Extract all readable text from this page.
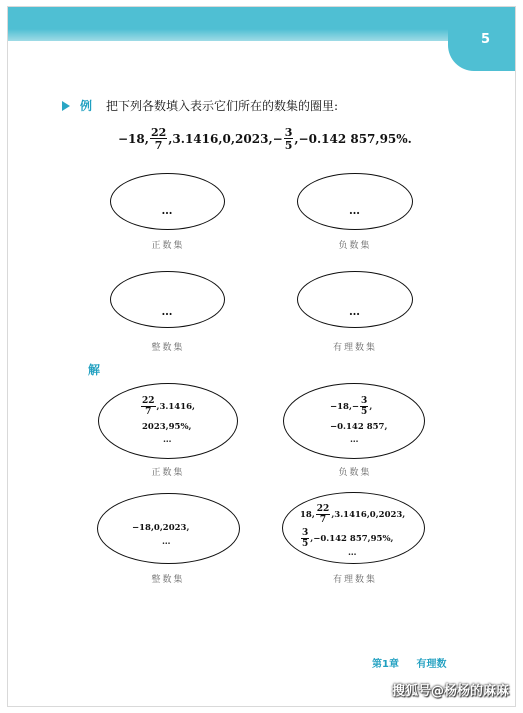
5
例 把下列各数填入表示它们所在的数集的圈里:
−18, $\frac{22}{7} ,3.1416,0,2023,- \frac{3}{5} ,-0.142$ 857,95%.
…
正数集
…
负数集
…
整数集
…
有理数集
解
$\frac{22}{7} ,3.1416$,
2023,95%,
…
正数集
$-18,- \frac{3}{5}$ ,
−0.142 857,
…
负数集
−18,0,2023,
…
整数集
18, $\frac{22}{7} ,3.1416,0,2023$,
$\frac{3}{5} ,-0.142$ 857,95%,
…
有理数集
第1章 有理数
搜狐号@杨杨的麻麻
